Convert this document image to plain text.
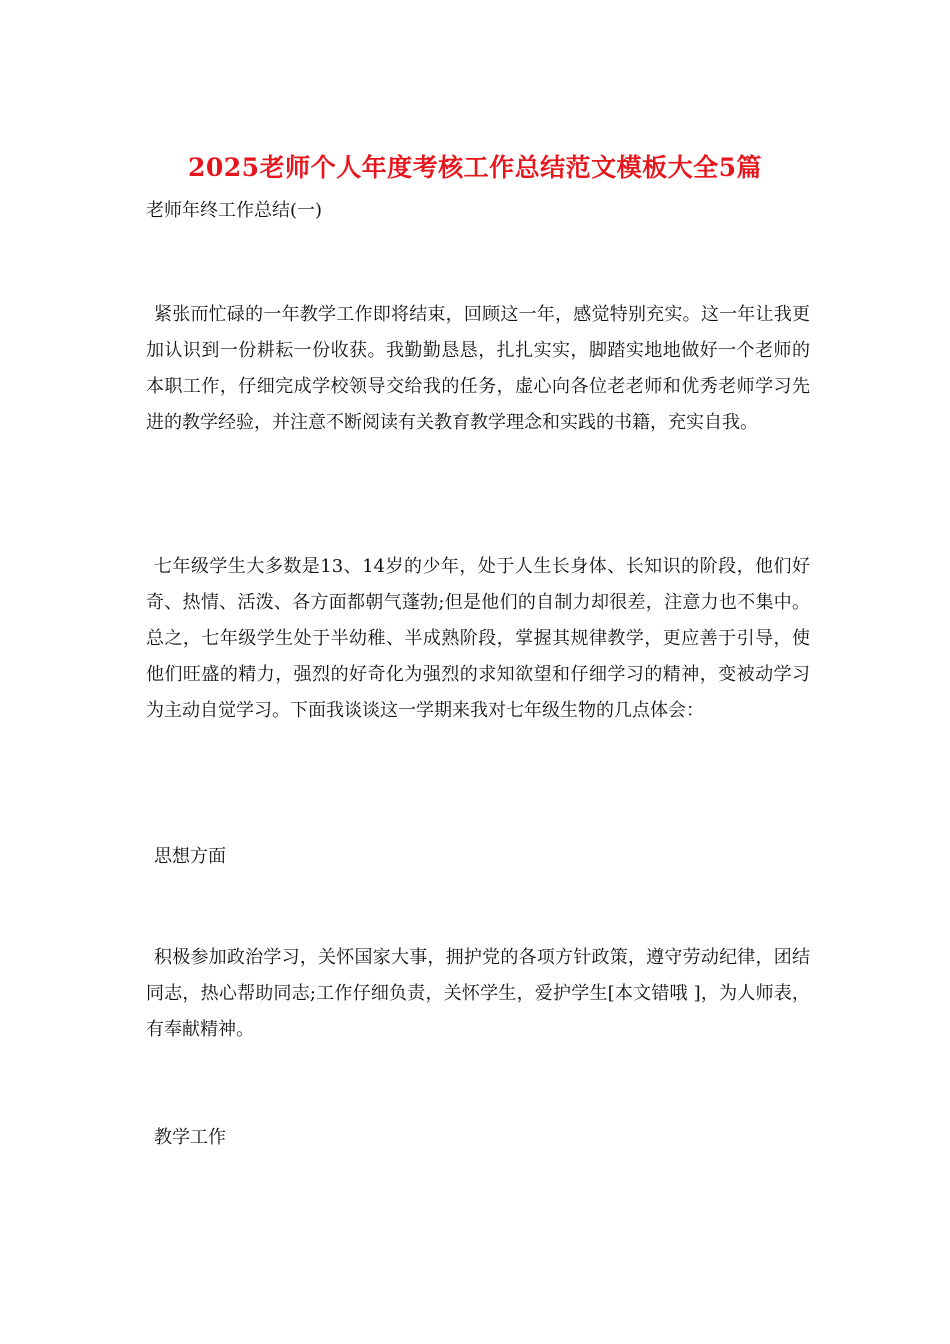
2025老师个人年度考核工作总结范文模板大全5篇
老师年终工作总结(一)
紧张而忙碌的一年教学工作即将结束，回顾这一年，感觉特别充实。这一年让我更加认识到一份耕耘一份收获。我勤勤恳恳，扎扎实实，脚踏实地地做好一个老师的本职工作，仔细完成学校领导交给我的任务，虚心向各位老老师和优秀老师学习先进的教学经验，并注意不断阅读有关教育教学理念和实践的书籍，充实自我。
七年级学生大多数是13、14岁的少年，处于人生长身体、长知识的阶段，他们好奇、热情、活泼、各方面都朝气蓬勃;但是他们的自制力却很差，注意力也不集中。总之，七年级学生处于半幼稚、半成熟阶段，掌握其规律教学，更应善于引导，使他们旺盛的精力，强烈的好奇化为强烈的求知欲望和仔细学习的精神，变被动学习为主动自觉学习。下面我谈谈这一学期来我对七年级生物的几点体会：
思想方面
积极参加政治学习，关怀国家大事，拥护党的各项方针政策，遵守劳动纪律，团结同志，热心帮助同志;工作仔细负责，关怀学生，爱护学生[本文错哦 ]，为人师表，有奉献精神。
教学工作
